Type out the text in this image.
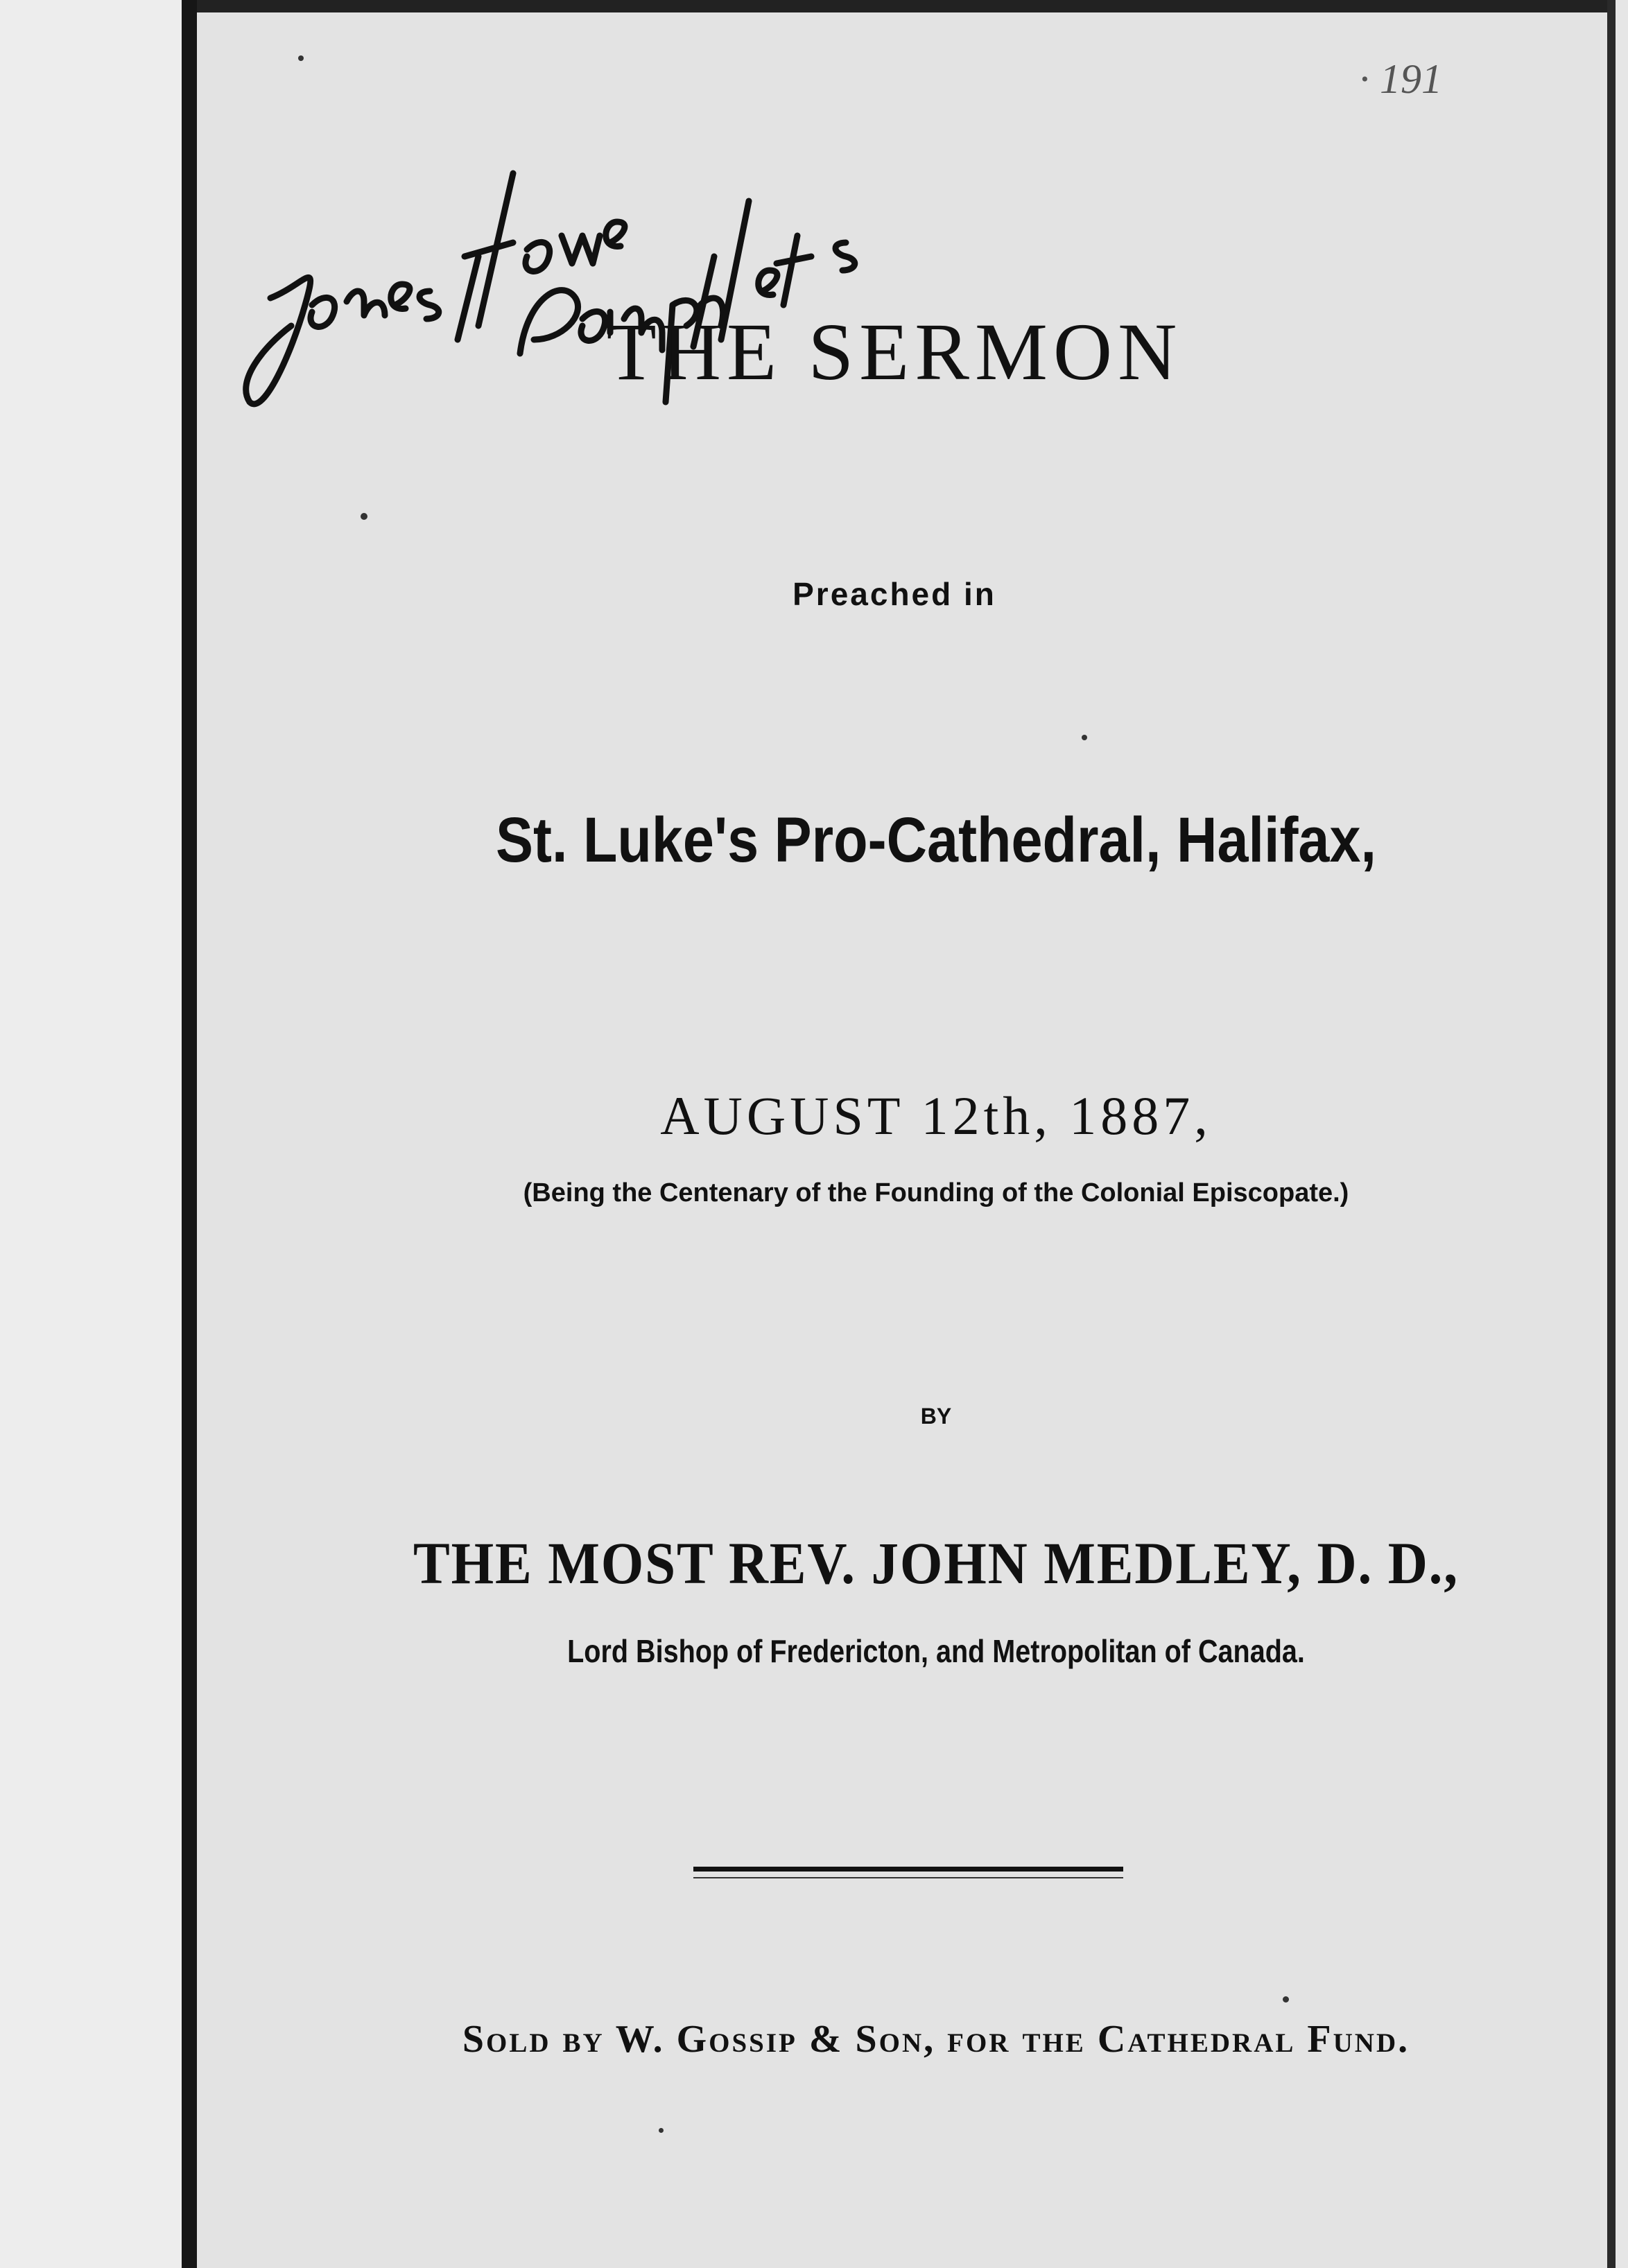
· 191
THE SERMON
Preached in
St. Luke's Pro-Cathedral, Halifax,
AUGUST 12th, 1887,
(Being the Centenary of the Founding of the Colonial Episcopate.)
BY
THE MOST REV. JOHN MEDLEY, D. D.,
Lord Bishop of Fredericton, and Metropolitan of Canada.
Sold by W. Gossip & Son, for the Cathedral Fund.
